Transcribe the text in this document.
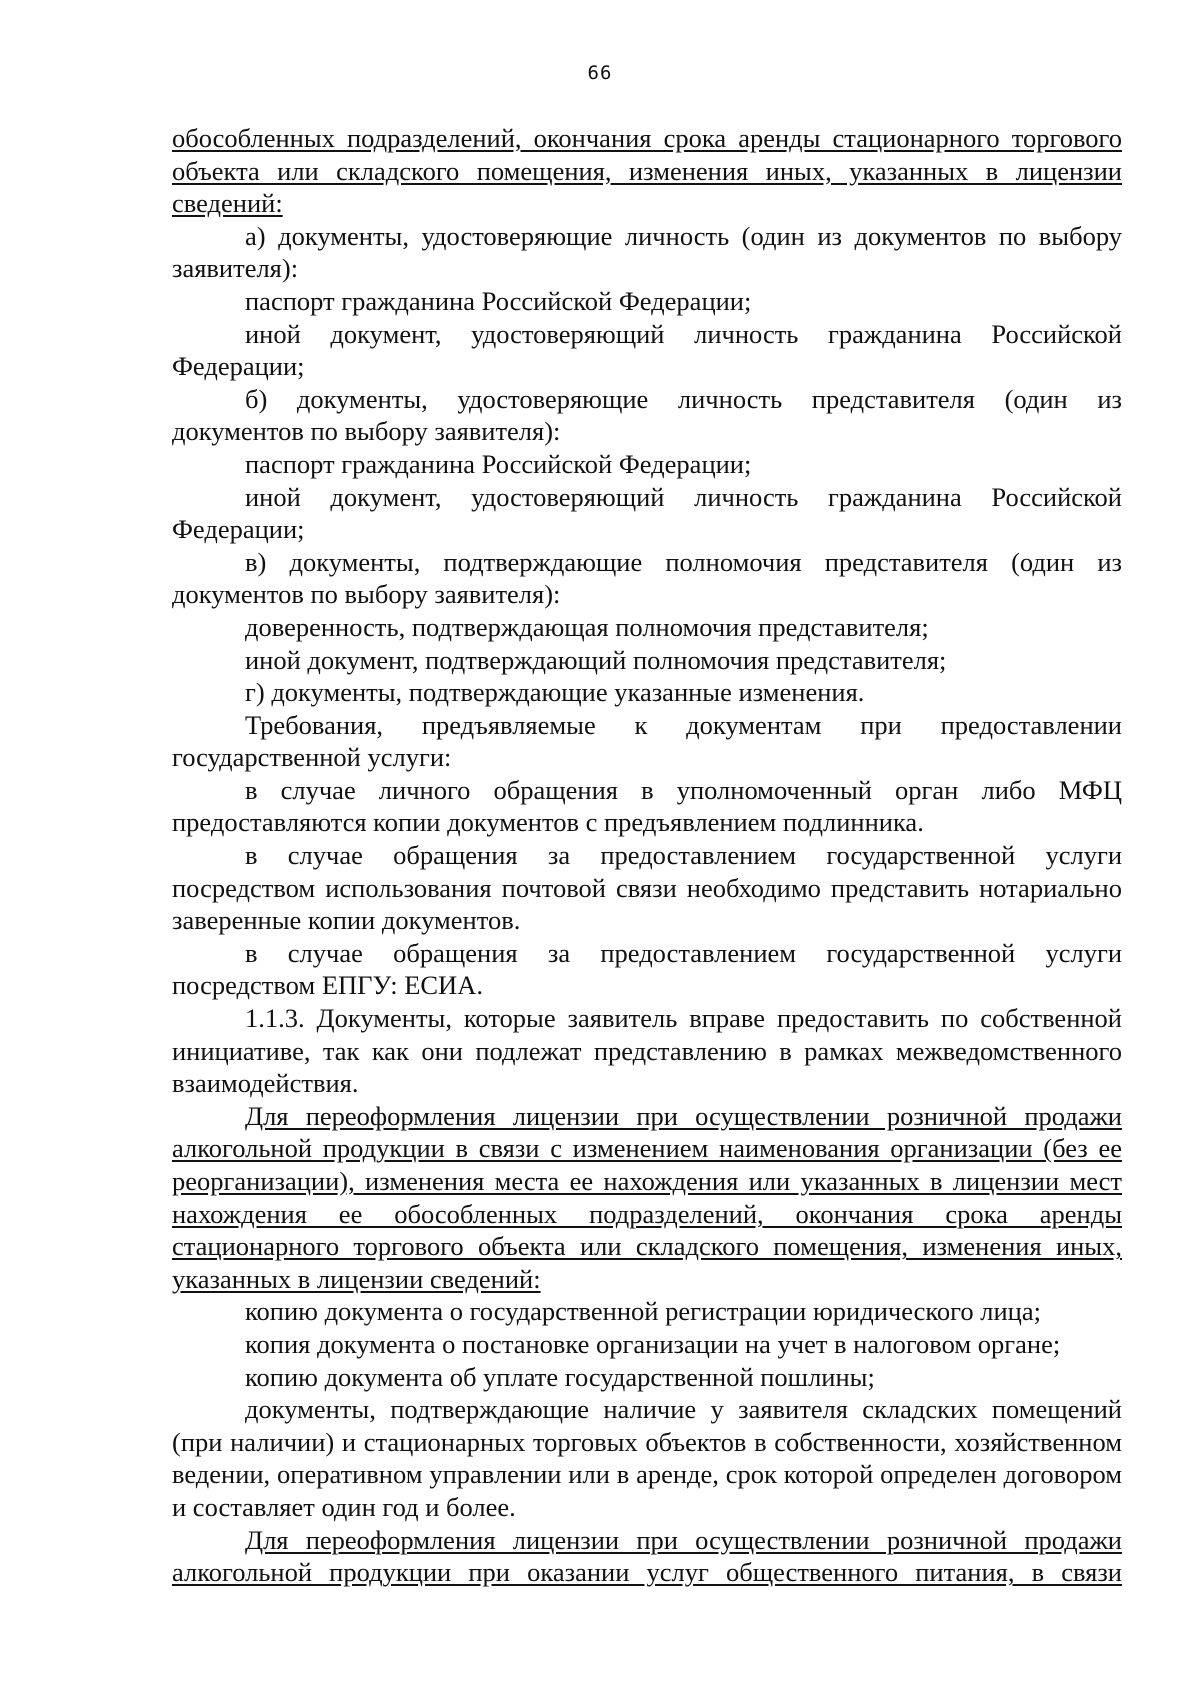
66

обособленных подразделений, окончания срока аренды стационарного торгового объекта или складского помещения, изменения иных, указанных в лицензии сведений:

а) документы, удостоверяющие личность (один из документов по выбору заявителя):

паспорт гражданина Российской Федерации;

иной документ, удостоверяющий личность гражданина Российской Федерации;

б) документы, удостоверяющие личность представителя (один из документов по выбору заявителя):

паспорт гражданина Российской Федерации;

иной документ, удостоверяющий личность гражданина Российской Федерации;

в) документы, подтверждающие полномочия представителя (один из документов по выбору заявителя):

доверенность, подтверждающая полномочия представителя;

иной документ, подтверждающий полномочия представителя;

г) документы, подтверждающие указанные изменения.

Требования, предъявляемые к документам при предоставлении государственной услуги:

в случае личного обращения в уполномоченный орган либо МФЦ предоставляются копии документов с предъявлением подлинника.

в случае обращения за предоставлением государственной услуги посредством использования почтовой связи необходимо представить нотариально заверенные копии документов.

в случае обращения за предоставлением государственной услуги посредством ЕПГУ: ЕСИА.

1.1.3. Документы, которые заявитель вправе предоставить по собственной инициативе, так как они подлежат представлению в рамках межведомственного взаимодействия.

Для переоформления лицензии при осуществлении розничной продажи алкогольной продукции в связи с изменением наименования организации (без ее реорганизации), изменения места ее нахождения или указанных в лицензии мест нахождения ее обособленных подразделений, окончания срока аренды стационарного торгового объекта или складского помещения, изменения иных, указанных в лицензии сведений:

копию документа о государственной регистрации юридического лица;

копия документа о постановке организации на учет в налоговом органе;

копию документа об уплате государственной пошлины;

документы, подтверждающие наличие у заявителя складских помещений (при наличии) и стационарных торговых объектов в собственности, хозяйственном ведении, оперативном управлении или в аренде, срок которой определен договором и составляет один год и более.

Для переоформления лицензии при осуществлении розничной продажи алкогольной продукции при оказании услуг общественного питания, в связи
